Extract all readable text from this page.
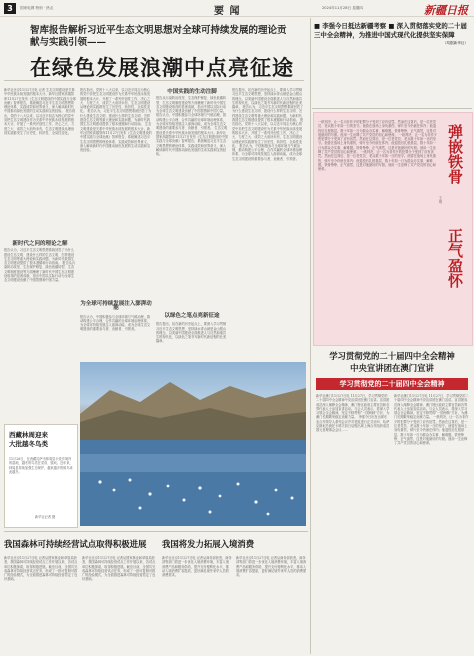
3	国家电网 特别 · 热点	要 闻	2024年11月28日 星期四	新疆日报
智库报告解析习近平生态文明思想对全球可持续发展的理论贡献与实践引领——
在绿色发展浪潮中点亮征途
新华社北京11月27日电 记者 生态文明建设是关系中华民族永续发展的根本大计。新华社国家高端智库11月27日发布《生态文明建设的中国实践与全球贡献》智库报告，系统阐述习近平生态文明思想的理论体系、实践成效和世界意义，深入解读新时代中国推动绿色发展的生动实践和宝贵经验。 报告指出，党的十八大以来，以习近平同志为核心的党中央把生态文明建设作为关系中华民族永续发展的根本大计，开展了一系列开创性工作，决心之大、力度之大、成效之大前所未有，生态文明建设从理论到实践都发生了历史性、转折性、全局性变化。
新时代之问的理论之解
报告认为，习近平生态文明思想系统回答了为什么建设生态文明、建设什么样的生态文明、怎样建设生态文明等重大理论和实践问题，为新时代我国生态文明建设提供了根本遵循和行动指南。 报告从污染防治攻坚、生态保护修复、绿色低碳转型、生态文明制度建设等方面梳理了新时代中国生态文明建设取得的显著成就，指出中国以实际行动为全球生态文明建设贡献了中国智慧和中国力量。
报告指出，党的十八大以来，以习近平同志为核心的党中央把生态文明建设作为关系中华民族永续发展的根本大计，开展了一系列开创性工作，决心之大、力度之大、成效之大前所未有，生态文明建设从理论到实践都发生了历史性、转折性、全局性变化。 报告认为，习近平生态文明思想系统回答了为什么建设生态文明、建设什么样的生态文明、怎样建设生态文明等重大理论和实践问题，为新时代我国生态文明建设提供了根本遵循和行动指南。 生态文明建设是关系中华民族永续发展的根本大计。新华社国家高端智库11月27日发布《生态文明建设的中国实践与全球贡献》智库报告，系统阐述习近平生态文明思想的理论体系、实践成效和世界意义，深入解读新时代中国推动绿色发展的生动实践和宝贵经验。
为全球可持续发展注入澎湃动能
报告认为，中国积极参与全球环境与气候治理，推动构建公平合理、合作共赢的全球环境治理体系，为全球可持续发展注入澎湃动能，成为全球生态文明建设的重要参与者、贡献者、引领者。
中国实践的生动注脚
报告从污染防治攻坚、生态保护修复、绿色低碳转型、生态文明制度建设等方面梳理了新时代中国生态文明建设取得的显著成就，指出中国以实际行动为全球生态文明建设贡献了中国智慧和中国力量。 报告认为，中国积极参与全球环境与气候治理，推动构建公平合理、合作共赢的全球环境治理体系，为全球可持续发展注入澎湃动能，成为全球生态文明建设的重要参与者、贡献者、引领者。 生态文明建设是关系中华民族永续发展的根本大计。新华社国家高端智库11月27日发布《生态文明建设的中国实践与全球贡献》智库报告，系统阐述习近平生态文明思想的理论体系、实践成效和世界意义，深入解读新时代中国推动绿色发展的生动实践和宝贵经验。
以绿色之笔点亮新征途
报告提出，站在新的历史起点上，要深入学习贯彻习近平生态文明思想，坚持绿水青山就是金山银山的理念，以美丽中国建设全面推进人与自然和谐共生的现代化，以绿色之笔书写新时代新征程的壮美篇章。
报告提出，站在新的历史起点上，要深入学习贯彻习近平生态文明思想，坚持绿水青山就是金山银山的理念，以美丽中国建设全面推进人与自然和谐共生的现代化，以绿色之笔书写新时代新征程的壮美篇章。 报告认为，习近平生态文明思想系统回答了为什么建设生态文明、建设什么样的生态文明、怎样建设生态文明等重大理论和实践问题，为新时代我国生态文明建设提供了根本遵循和行动指南。 报告指出，党的十八大以来，以习近平同志为核心的党中央把生态文明建设作为关系中华民族永续发展的根本大计，开展了一系列开创性工作，决心之大、力度之大、成效之大前所未有，生态文明建设从理论到实践都发生了历史性、转折性、全局性变化。 报告认为，中国积极参与全球环境与气候治理，推动构建公平合理、合作共赢的全球环境治理体系，为全球可持续发展注入澎湃动能，成为全球生态文明建设的重要参与者、贡献者、引领者。
西藏林周迎来
大批越冬鸟类
11月26日，在西藏拉萨市林周县卡孜乡境内的湿地，越冬的鸟类在觅食、嬉戏。近年来，林周县持续加强生态保护，越来越多的候鸟来此越冬。
新华社记者 摄
我国森林可持续经营试点取得积极进展
新华社北京11月27日电 记者从国家林业和草原局获悉，我国森林可持续经营试点工作开展以来，各试点单位积极探索，取得积极进展。截至目前，全国共完成森林可持续经营试点任务，形成了一批可复制可推广的经验模式，为全面推进森林可持续经营奠定了良好基础。
新华社北京11月27日电 记者从国家林业和草原局获悉，我国森林可持续经营试点工作开展以来，各试点单位积极探索，取得积极进展。截至目前，全国共完成森林可持续经营试点任务，形成了一批可复制可推广的经验模式，为全面推进森林可持续经营奠定了良好基础。
我国将发力拓展入境消费
新华社北京11月27日电 记者从商务部获悉，商务部等部门将进一步优化入境消费环境，丰富入境消费产品和服务供给，提升支付便利化水平，推动入境消费扩容提质，更好满足境外来华人员的消费需求。
新华社北京11月27日电 记者从商务部获悉，商务部等部门将进一步优化入境消费环境，丰富入境消费产品和服务供给，提升支付便利化水平，推动入境消费扩容提质，更好满足境外来华人员的消费需求。
■ 李强今日抵达新疆考察 ■ 深入贯彻落实党的二十届三中全会精神，为推进中国式现代化提供坚实保障
（均据新华社）
弹嵌铁骨
正气盈怀
王 明
一纸判决，让一名为非作歹的犯罪分子受到了应有惩罚。然而在这背后，是一位老党员、老兵数十年如一日的坚守。他曾在战场上身负重伤，弹片至今仍嵌在体内；他退役后扎根基层，数十年如一日为群众办实事、解难题。铁骨铮铮，正气凛然，这是对他最好的写照。他用一生诠释了共产党员的初心和使命。 一纸判决，让一名为非作歹的犯罪分子受到了应有惩罚。然而在这背后，是一位老党员、老兵数十年如一日的坚守。他曾在战场上身负重伤，弹片至今仍嵌在体内；他退役后扎根基层，数十年如一日为群众办实事、解难题。铁骨铮铮，正气凛然，这是对他最好的写照。他用一生诠释了共产党员的初心和使命。 一纸判决，让一名为非作歹的犯罪分子受到了应有惩罚。然而在这背后，是一位老党员、老兵数十年如一日的坚守。他曾在战场上身负重伤，弹片至今仍嵌在体内；他退役后扎根基层，数十年如一日为群众办实事、解难题。铁骨铮铮，正气凛然，这是对他最好的写照。他用一生诠释了共产党员的初心和使命。
学习贯彻党的二十届四中全会精神
中央宣讲团在澳门宣讲
学习贯彻党的二十届四中全会精神
新华社澳门11月27日电 11月27日，学习贯彻党的二十届四中全会精神中央宣讲团在澳门宣讲。宣讲团成员深入阐释全会精神，澳门特区政府主要官员和各界代表人士参加宣讲活动。与会人员表示，将深入学习领会全会精神，坚定不移贯彻“一国两制”方针，为澳门长期繁荣稳定贡献力量。 李强今日出发出席东亚合作领导人系列会议并对老挝进行正式访问、哈萨克斯坦总统托卡耶夫同日启程出席上海合作组织成员国元首理事会会议……
新华社澳门11月27日电 11月27日，学习贯彻党的二十届四中全会精神中央宣讲团在澳门宣讲。宣讲团成员深入阐释全会精神，澳门特区政府主要官员和各界代表人士参加宣讲活动。与会人员表示，将深入学习领会全会精神，坚定不移贯彻“一国两制”方针，为澳门长期繁荣稳定贡献力量。 一纸判决，让一名为非作歹的犯罪分子受到了应有惩罚。然而在这背后，是一位老党员、老兵数十年如一日的坚守。他曾在战场上身负重伤，弹片至今仍嵌在体内；他退役后扎根基层，数十年如一日为群众办实事、解难题。铁骨铮铮，正气凛然，这是对他最好的写照。他用一生诠释了共产党员的初心和使命。
